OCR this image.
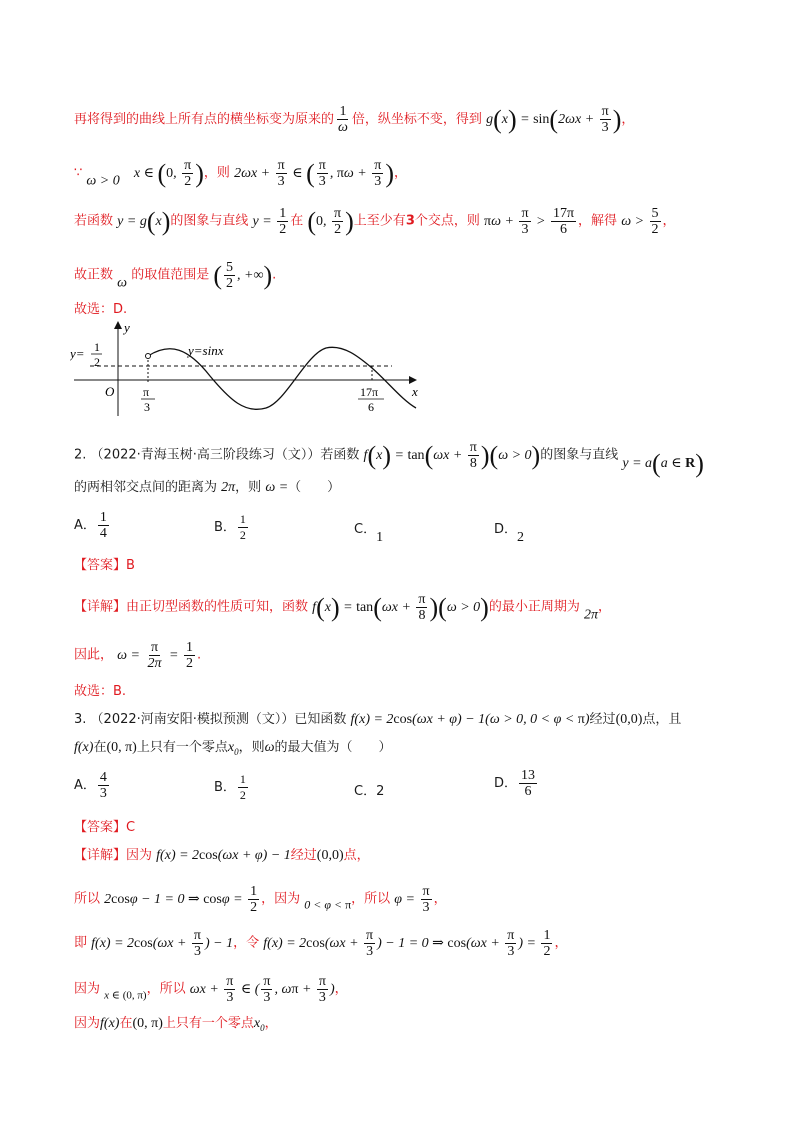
再将得到的曲线上所有点的横坐标变为原来的 $\frac{1}{\omega}$ 倍，纵坐标不变，得到 $g(x) = \sin(2\omega x + \frac{\pi}{3}$ )，
∵ ω > 0 x ∈ (0, $\frac{\pi}{2}$ )，则 $2\omega x + \frac{\pi}{3}$ ∈ ( $\frac{\pi}{3}$ , $\pi\omega + \frac{\pi}{3}$ )，
若函数 y = g(x)的图象与直线 $y = \frac{1}{2}$ 在 (0, $\frac{\pi}{2}$ )上至少有3个交点，则 $\pi\omega + \frac{\pi}{3} > \frac{17\pi}{6}$ ，解得 $\omega > \frac{5}{2}$ ，
故正数 ω 的取值范围是 ( $\frac{5}{2}$ , +∞).
故选：D.
y
x
O
y=sinx
y= 1
2
π
3
17π
6
2. （2022·青海玉树·高三阶段练习（文））若函数 $f(x) = \tan(\omega x + \frac{\pi}{8} )(\omega > 0)$的图象与直线 y = a(a ∈ R)
的两相邻交点间的距离为 2π，则 ω =（　　）
A． $\frac{1}{4}$	B． $\frac{1}{2}$	C．1
D．2
【答案】B
【详解】由正切型函数的性质可知，函数 $f(x) = \tan(\omega x + \frac{\pi}{8} )(\omega > 0)$的最小正周期为 2π，
因此， $\omega = \frac{\pi}{2\pi} = \frac{1}{2}$ .
故选：B.
3. （2022·河南安阳·模拟预测（文））已知函数 f(x) = 2cos(ωx + φ) − 1(ω > 0, 0 < φ < π)经过(0,0)点，且
f(x)在(0, π)上只有一个零点$x_0$，则ω的最大值为（　　）
A． $\frac{4}{3}$	B． $\frac{1}{2}$	C．2
D． $\frac{13}{6}$
【答案】C
【详解】因为 f(x) = 2cos(ωx + φ) − 1经过(0,0)点，
所以 2cosφ − 1 = 0 ⇒ $\cos\varphi = \frac{1}{2}$ ，因为 0 < φ < π，所以 $\varphi = \frac{\pi}{3}$ ，
即 $f(x) = 2\cos(\omega x + \frac{\pi}{3}$ ) − 1，令 $f(x) = 2\cos(\omega x + \frac{\pi}{3}$ ) − 1 = 0 ⇒ $\cos(\omega x + \frac{\pi}{3}$ ) = $\frac{1}{2}$ ，
因为 $_{x \in (0, \pi)}$，所以 $\omega x + \frac{\pi}{3}$ ∈ ( $\frac{\pi}{3}$ , $\omega\pi + \frac{\pi}{3}$ )，
因为f(x)在(0, π)上只有一个零点$x_0$，
